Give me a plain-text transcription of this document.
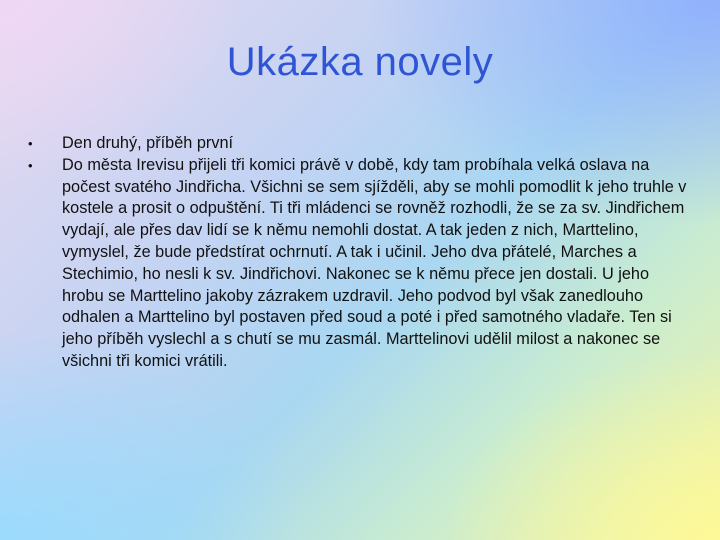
Ukázka novely
•	Den druhý, příběh první
•	Do města Irevisu přijeli tři komici právě v době, kdy tam probíhala velká oslava na počest svatého Jindřicha. Všichni se sem sjížděli, aby se mohli pomodlit k jeho truhle v kostele a prosit o odpuštění. Ti tři mládenci se rovněž rozhodli, že se za sv. Jindřichem vydají, ale přes dav lidí se k němu nemohli dostat. A tak jeden z nich, Marttelino, vymyslel, že bude předstírat ochrnutí. A tak i učinil. Jeho dva přátelé, Marches a Stechimio, ho nesli k sv. Jindřichovi. Nakonec se k němu přece jen dostali. U jeho hrobu se Marttelino jakoby zázrakem uzdravil. Jeho podvod byl však zanedlouho odhalen a Marttelino byl postaven před soud a poté i před samotného vladaře. Ten si jeho příběh vyslechl a s chutí se mu zasmál. Marttelinovi udělil milost a nakonec se všichni tři komici vrátili.
